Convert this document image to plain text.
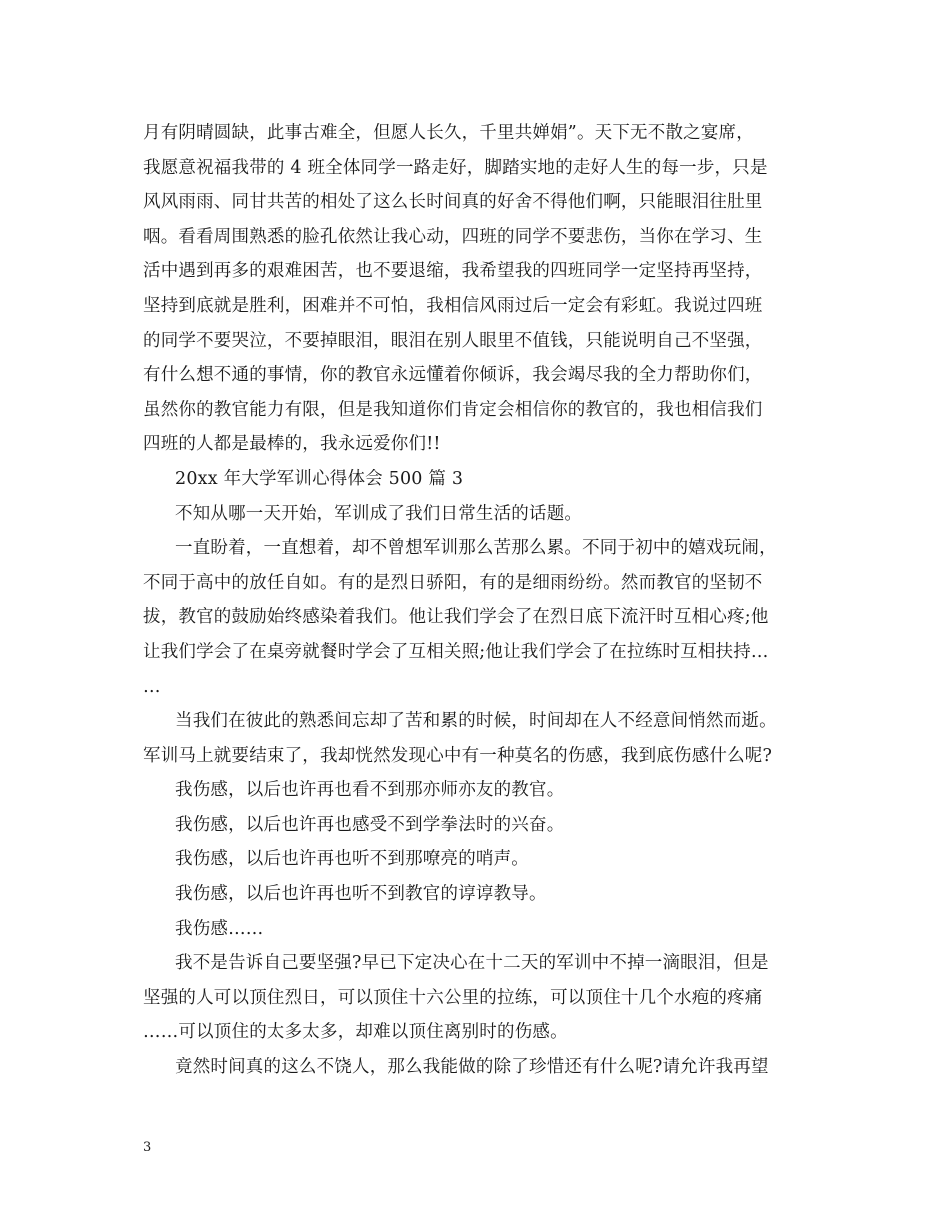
月有阴晴圆缺，此事古难全，但愿人长久，千里共婵娟”。天下无不散之宴席，
我愿意祝福我带的 4 班全体同学一路走好，脚踏实地的走好人生的每一步，只是
风风雨雨、同甘共苦的相处了这么长时间真的好舍不得他们啊，只能眼泪往肚里
咽。看看周围熟悉的脸孔依然让我心动，四班的同学不要悲伤，当你在学习、生
活中遇到再多的艰难困苦，也不要退缩，我希望我的四班同学一定坚持再坚持，
坚持到底就是胜利，困难并不可怕，我相信风雨过后一定会有彩虹。我说过四班
的同学不要哭泣，不要掉眼泪，眼泪在别人眼里不值钱，只能说明自己不坚强，
有什么想不通的事情，你的教官永远懂着你倾诉，我会竭尽我的全力帮助你们，
虽然你的教官能力有限，但是我知道你们肯定会相信你的教官的，我也相信我们
四班的人都是最棒的，我永远爱你们!!
20xx 年大学军训心得体会 500 篇 3
不知从哪一天开始，军训成了我们日常生活的话题。
一直盼着，一直想着，却不曾想军训那么苦那么累。不同于初中的嬉戏玩闹，
不同于高中的放任自如。有的是烈日骄阳，有的是细雨纷纷。然而教官的坚韧不
拔，教官的鼓励始终感染着我们。他让我们学会了在烈日底下流汗时互相心疼;他
让我们学会了在桌旁就餐时学会了互相关照;他让我们学会了在拉练时互相扶持…
…
当我们在彼此的熟悉间忘却了苦和累的时候，时间却在人不经意间悄然而逝。
军训马上就要结束了，我却恍然发现心中有一种莫名的伤感，我到底伤感什么呢?
我伤感，以后也许再也看不到那亦师亦友的教官。
我伤感，以后也许再也感受不到学拳法时的兴奋。
我伤感，以后也许再也听不到那嘹亮的哨声。
我伤感，以后也许再也听不到教官的谆谆教导。
我伤感……
我不是告诉自己要坚强?早已下定决心在十二天的军训中不掉一滴眼泪，但是
坚强的人可以顶住烈日，可以顶住十六公里的拉练，可以顶住十几个水疱的疼痛
……可以顶住的太多太多，却难以顶住离别时的伤感。
竟然时间真的这么不饶人，那么我能做的除了珍惜还有什么呢?请允许我再望
3
